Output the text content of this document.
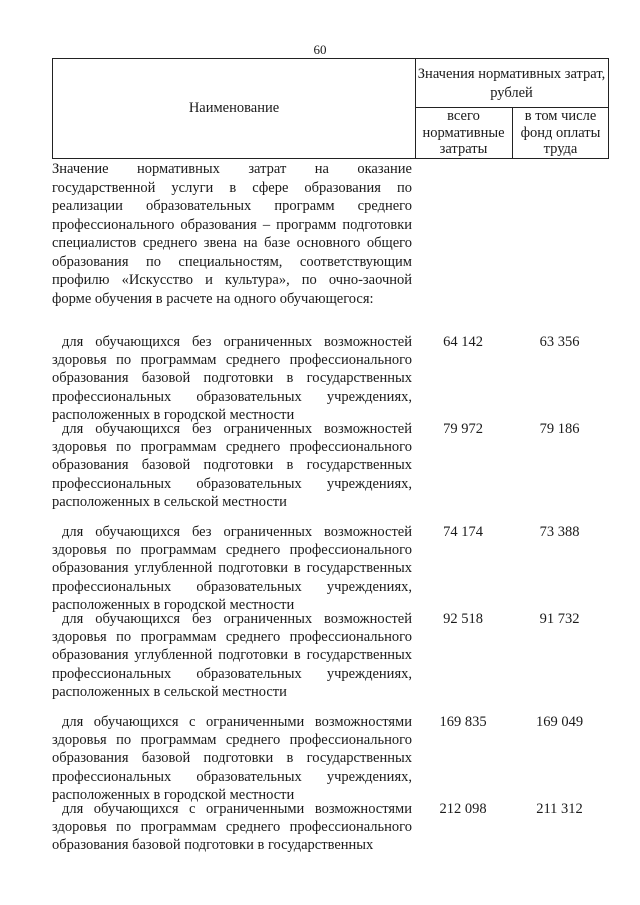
60
Наименование
Значения нормативных затрат, рублей
всего нормативные затраты
в том числе фонд оплаты труда
Значение нормативных затрат на оказание государственной услуги в сфере образования по реализации образовательных программ среднего профессионального образования – программ подготовки специалистов среднего звена на базе основного общего образования по специальностям, соответствующим профилю «Искусство и культура», по очно-заочной форме обучения в расчете на одного обучающегося:
для обучающихся без ограниченных возможностей здоровья по программам среднего профессионального образования базовой подготовки в государственных профессиональных образовательных учреждениях, расположенных в городской местности
64 142	63 356
для обучающихся без ограниченных возможностей здоровья по программам среднего профессионального образования базовой подготовки в государственных профессиональных образовательных учреждениях, расположенных в сельской местности
79 972	79 186
для обучающихся без ограниченных возможностей здоровья по программам среднего профессионального образования углубленной подготовки в государственных профессиональных образовательных учреждениях, расположенных в городской местности
74 174	73 388
для обучающихся без ограниченных возможностей здоровья по программам среднего профессионального образования углубленной подготовки в государственных профессиональных образовательных учреждениях, расположенных в сельской местности
92 518	91 732
для обучающихся с ограниченными возможностями здоровья по программам среднего профессионального образования базовой подготовки в государственных профессиональных образовательных учреждениях, расположенных в городской местности
169 835	169 049
для обучающихся с ограниченными возможностями здоровья по программам среднего профессионального образования базовой подготовки в государственных
212 098	211 312
